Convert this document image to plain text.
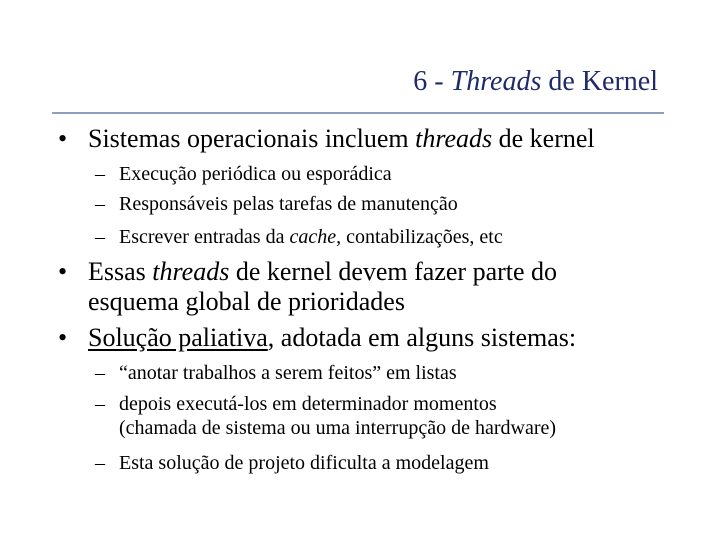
6 - Threads de Kernel
• Sistemas operacionais incluem threads de kernel
– Execução periódica ou esporádica
– Responsáveis pelas tarefas de manutenção
– Escrever entradas da cache, contabilizações, etc
• Essas threads de kernel devem fazer parte do
esquema global de prioridades
• Solução paliativa, adotada em alguns sistemas:
– “anotar trabalhos a serem feitos” em listas
– depois executá-los em determinador momentos
(chamada de sistema ou uma interrupção de hardware)
– Esta solução de projeto dificulta a modelagem
